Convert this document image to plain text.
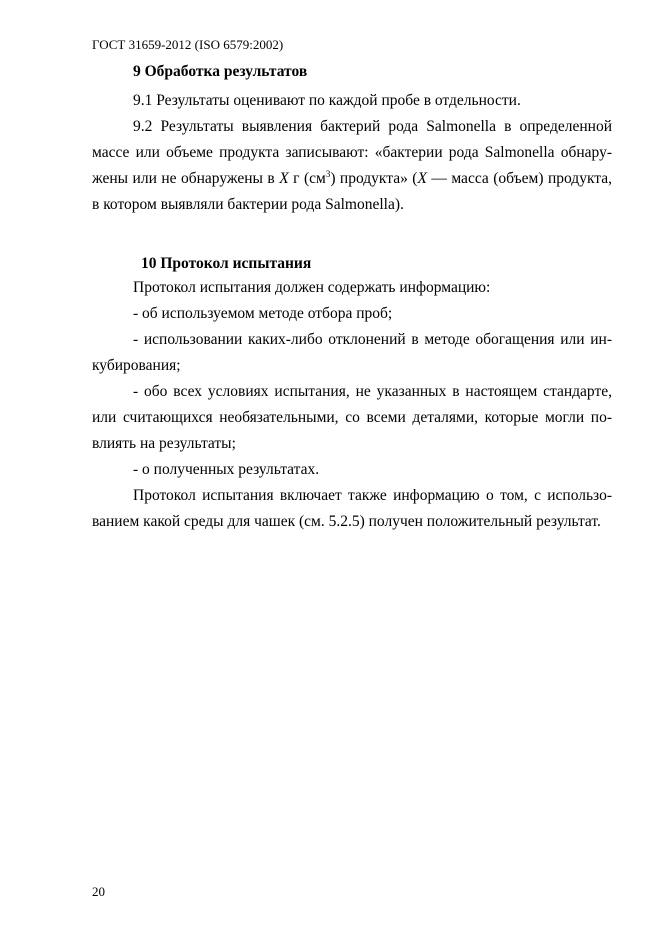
ГОСТ 31659-2012 (ISO 6579:2002)
9 Обработка результатов

9.1 Результаты оценивают по каждой пробе в отдельности.

9.2 Результаты выявления бактерий рода Salmonella в определенной массе или объеме продукта записывают: «бактерии рода Salmonella обнару-жены или не обнаружены в X г $(см^3)$ продукта» (X — масса (объем) продукта, в котором выявляли бактерии рода Salmonella).

10 Протокол испытания

Протокол испытания должен содержать информацию:

- об используемом методе отбора проб;

- использовании каких-либо отклонений в методе обогащения или ин-кубирования;

- обо всех условиях испытания, не указанных в настоящем стандарте, или считающихся необязательными, со всеми деталями, которые могли по-влиять на результаты;

- о полученных результатах.

Протокол испытания включает также информацию о том, с использо-ванием какой среды для чашек (см. 5.2.5) получен положительный результат.

20
